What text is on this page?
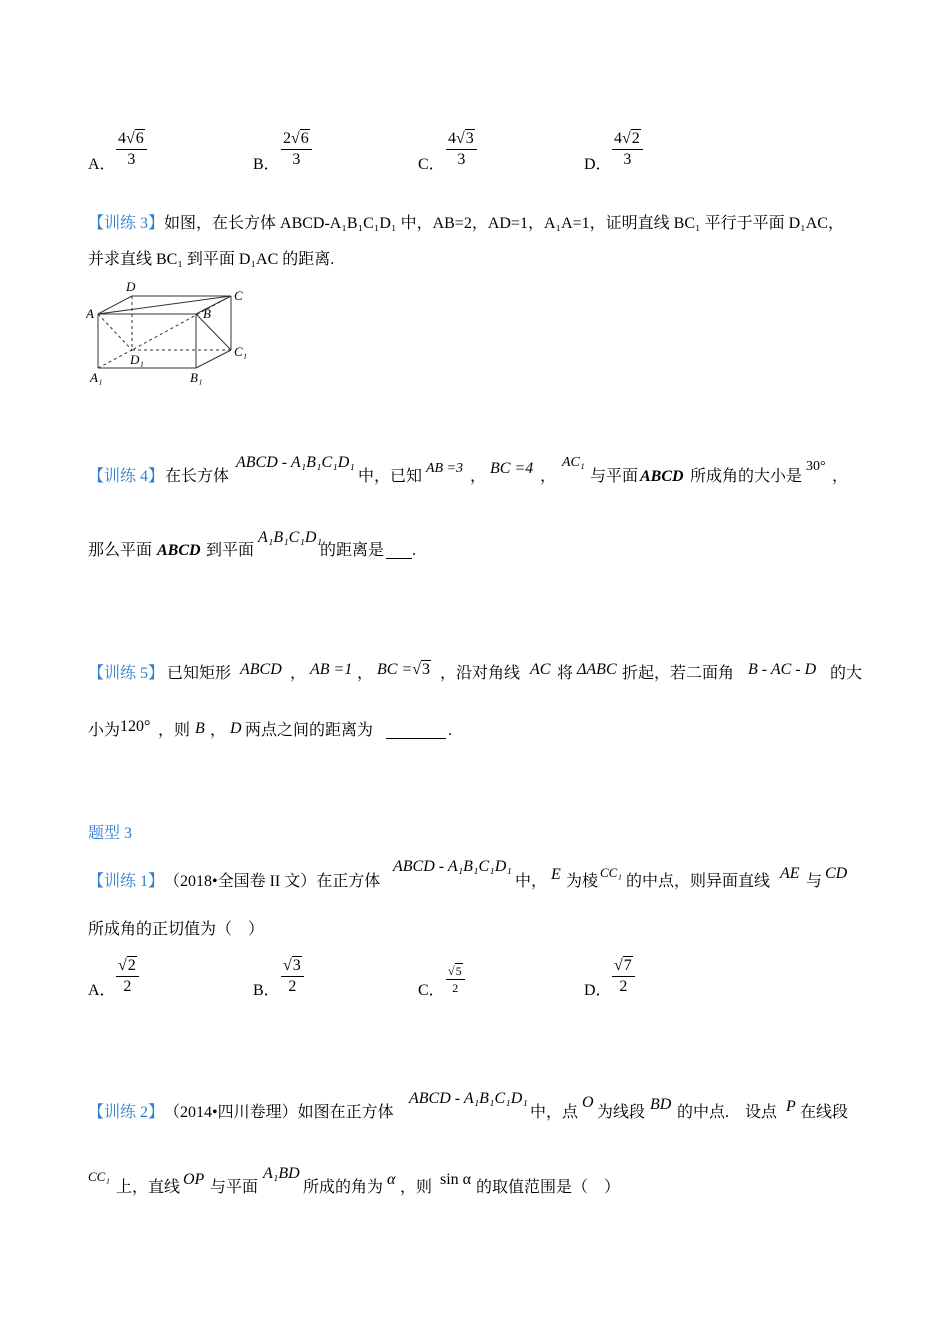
A． $\frac{4√6}{3}$	B． $\frac{2√6}{3}$	C． $\frac{4√3}{3}$	D． $\frac{4√2}{3}$
【训练 3】如图，在长方体 ABCD-A₁B₁C₁D₁ 中，AB=2，AD=1，A₁A=1，证明直线 BC₁ 平行于平面 D₁AC，
并求直线 BC₁ 到平面 D₁AC 的距离.
D
C
A	B
D₁
C₁
A₁	B₁
【训练 4】 在长方体
ABCD - A₁B₁C₁D₁
中，已知 AB =3 ， BC =4 ，
AC₁
与平面 ABCD 所成角的大小是
30°
，
那么平面 ABCD 到平面
A₁B₁C₁D₁
的距离是 .
【训练 5】 已知矩形 ABCD ， AB =1 ， BC =√3 ，沿对角线 AC 将 ΔABC 折起，若二面角 B - AC - D 的大
小为 120° ，则 B ， D 两点之间的距离为	.
题型 3
【训练 1】 （2018•全国卷 II 文）在正方体
ABCD - A₁B₁C₁D₁
中， E 为棱
CC₁
的中点，则异面直线 AE 与 CD
所成角的正切值为（　）
A． $\frac{√2}{2}$	B． $\frac{√3}{2}$	C． $\frac{√5}{2}$	D． $\frac{√7}{2}$
【训练 2】 （2014•四川卷理）如图在正方体
ABCD - A₁B₁C₁D₁
中，点
O
为线段 BD 的中点.　设点 P 在线段
CC₁
上，直线 OP 与平面
A₁BD
所成的角为 α ，则 sin α 的取值范围是（　）
